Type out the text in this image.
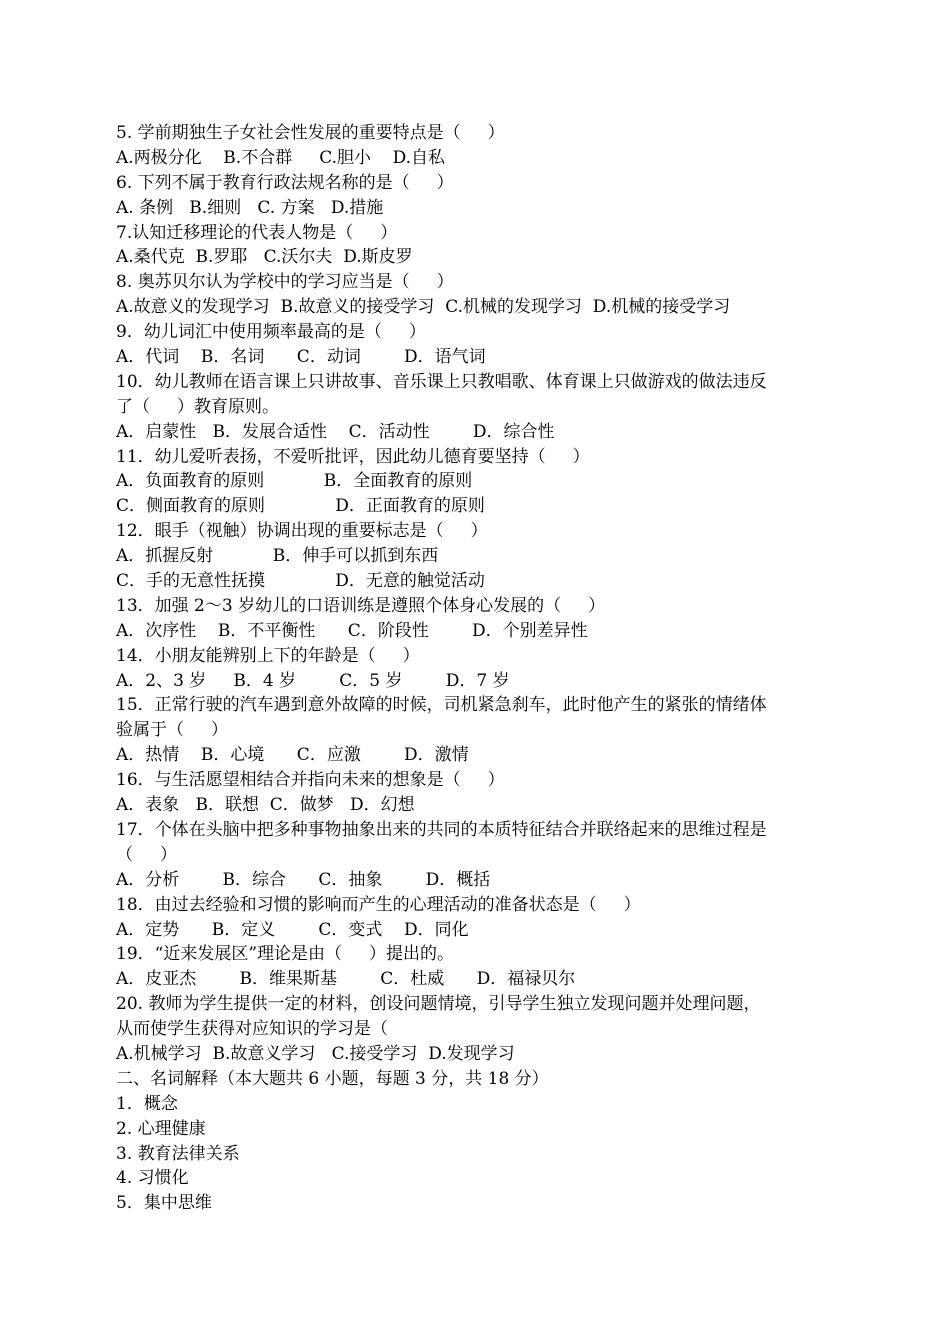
5. 学前期独生子女社会性发展的重要特点是（     ）
A.两极分化    B.不合群     C.胆小    D.自私
6. 下列不属于教育行政法规名称的是（     ）
A. 条例   B.细则   C. 方案   D.措施
7.认知迁移理论的代表人物是（     ）
A.桑代克  B.罗耶   C.沃尔夫  D.斯皮罗
8. 奥苏贝尔认为学校中的学习应当是（     ）
A.故意义的发现学习  B.故意义的接受学习  C.机械的发现学习  D.机械的接受学习
9．幼儿词汇中使用频率最高的是（     ）
A．代词    B．名词      C．动词        D．语气词
10．幼儿教师在语言课上只讲故事、音乐课上只教唱歌、体育课上只做游戏的做法违反
了（     ）教育原则。
A．启蒙性   B．发展合适性    C．活动性        D．综合性
11．幼儿爱听表扬，不爱听批评，因此幼儿德育要坚持（     ）
A．负面教育的原则           B．全面教育的原则
C．侧面教育的原则             D．正面教育的原则
12．眼手（视触）协调出现的重要标志是（     ）
A．抓握反射           B．伸手可以抓到东西
C．手的无意性抚摸             D．无意的触觉活动
13．加强 2～3 岁幼儿的口语训练是遵照个体身心发展的（     ）
A．次序性    B．不平衡性      C．阶段性        D．个别差异性
14．小朋友能辨别上下的年龄是（     ）
A．2、3 岁     B．4 岁        C．5 岁        D．7 岁
15．正常行驶的汽车遇到意外故障的时候，司机紧急刹车，此时他产生的紧张的情绪体
验属于（     ）
A．热情    B．心境      C．应激        D．激情
16．与生活愿望相结合并指向未来的想象是（     ）
A．表象   B．联想  C．做梦   D．幻想
17．个体在头脑中把多种事物抽象出来的共同的本质特征结合并联络起来的思维过程是
（     ）
A．分析        B．综合      C．抽象        D．概括
18．由过去经验和习惯的影响而产生的心理活动的准备状态是（     ）
A．定势      B．定义        C．变式    D．同化
19．“近来发展区”理论是由（     ）提出的。
A．皮亚杰        B．维果斯基        C．杜威      D．福禄贝尔
20. 教师为学生提供一定的材料，创设问题情境，引导学生独立发现问题并处理问题，
从而使学生获得对应知识的学习是（
A.机械学习  B.故意义学习   C.接受学习  D.发现学习
二、名词解释（本大题共 6 小题，每题 3 分，共 18 分）
1．概念
2. 心理健康
3. 教育法律关系
4. 习惯化
5．集中思维
